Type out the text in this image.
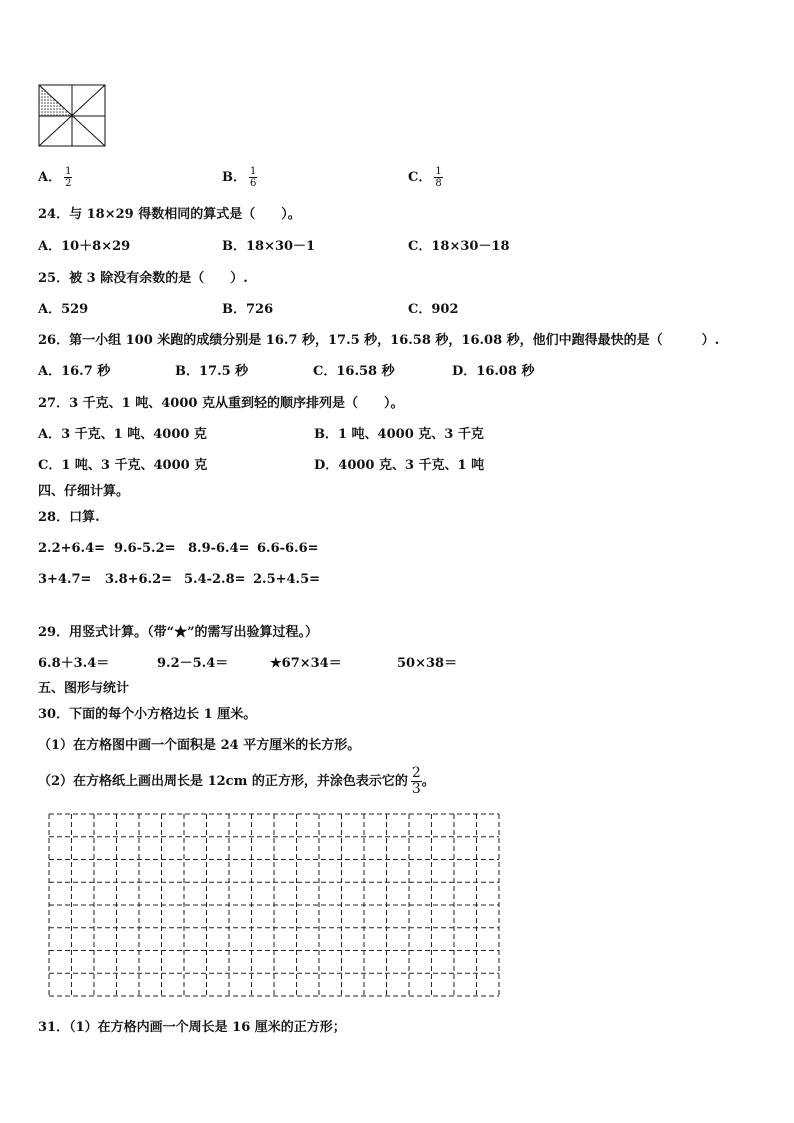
A． $\frac{1}{2}$	B． $\frac{1}{6}$	C． $\frac{1}{8}$
24．与 18×29 得数相同的算式是（　　）。
A．10＋8×29	B．18×30－1	C．18×30－18
25．被 3 除没有余数的是（　　）.
A．529	B．726	C．902
26．第一小组 100 米跑的成绩分别是 16.7 秒，17.5 秒，16.58 秒，16.08 秒，他们中跑得最快的是（　　　）.
A．16.7 秒	B．17.5 秒	C．16.58 秒	D．16.08 秒
27．3 千克、1 吨、4000 克从重到轻的顺序排列是（　　）。
A．3 千克、1 吨、4000 克	B．1 吨、4000 克、3 千克
C．1 吨、3 千克、4000 克	D．4000 克、3 千克、1 吨
四、仔细计算。
28．口算.
2.2+6.4= 9.6-5.2= 8.9-6.4= 6.6-6.6=
3+4.7= 3.8+6.2= 5.4-2.8= 2.5+4.5=
29．用竖式计算。（带“★”的需写出验算过程。）
6.8＋3.4＝	9.2－5.4＝	★67×34＝	50×38＝
五、图形与统计
30．下面的每个小方格边长 1 厘米。
（1）在方格图中画一个面积是 24 平方厘米的长方形。
（2）在方格纸上画出周长是 12cm 的正方形，并涂色表示它的 $\frac{2}{3}$ 。
31．（1）在方格内画一个周长是 16 厘米的正方形；
